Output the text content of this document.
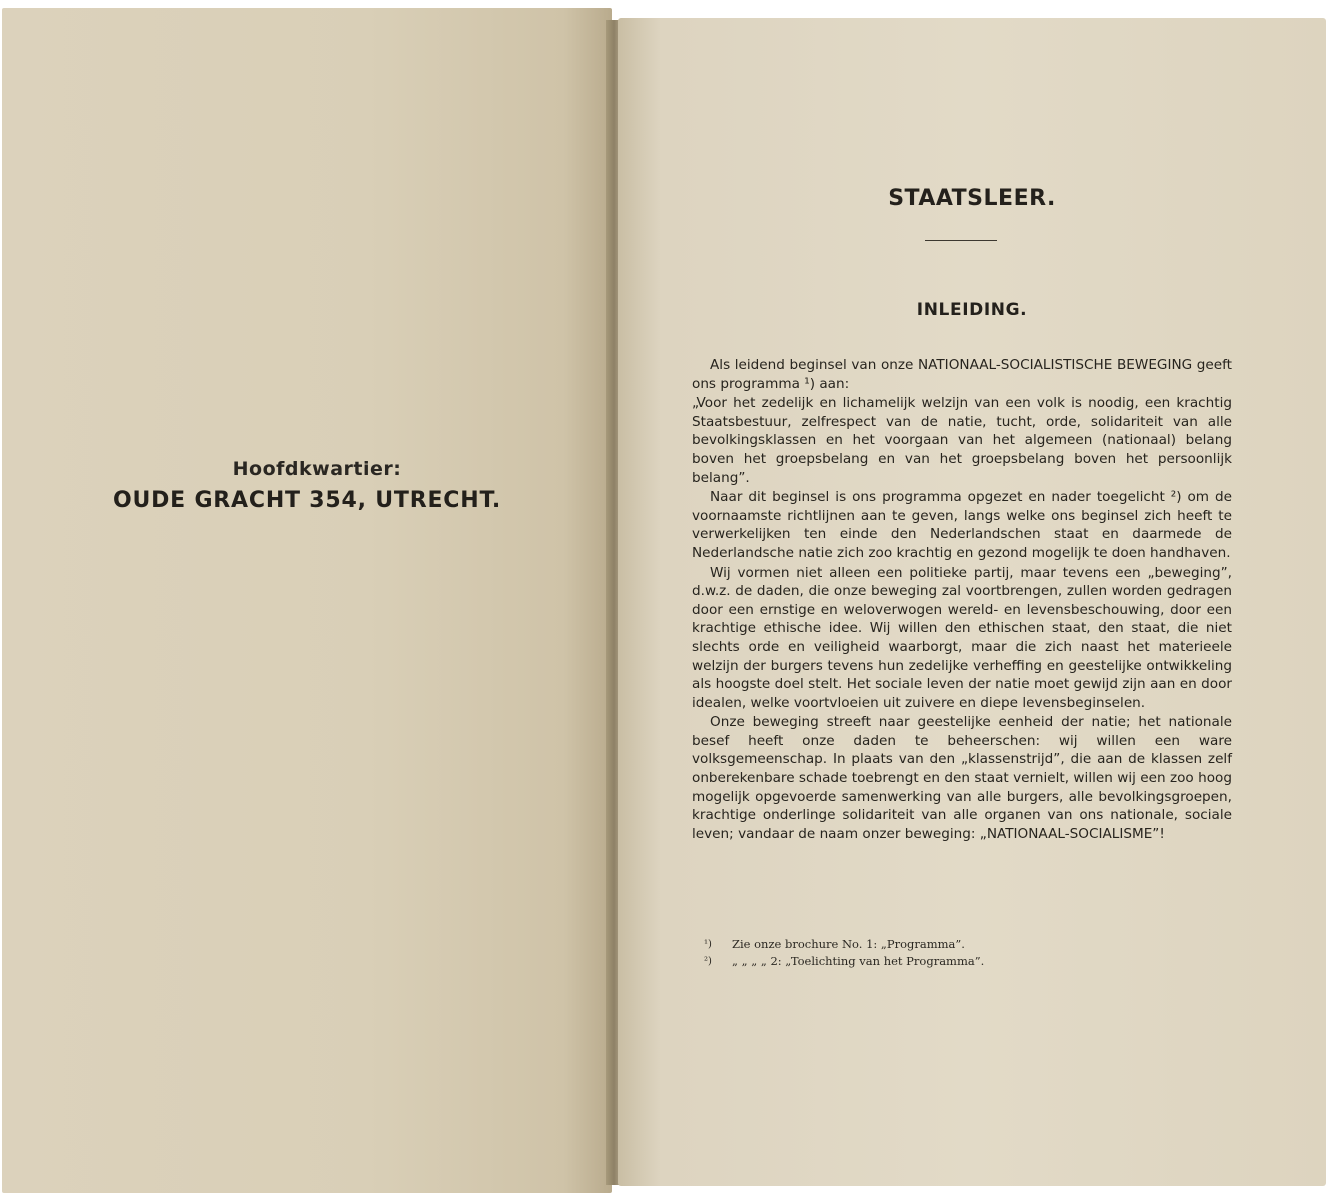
Hoofdkwartier:
OUDE GRACHT 354, UTRECHT.
STAATSLEER.
INLEIDING.

Als leidend beginsel van onze NATIONAAL-SOCIALISTISCHE BEWEGING geeft ons programma ¹) aan:

„Voor het zedelijk en lichamelijk welzijn van een volk is noodig, een krachtig Staatsbestuur, zelfrespect van de natie, tucht, orde, solidariteit van alle bevolkingsklassen en het voorgaan van het algemeen (nationaal) belang boven het groepsbelang en van het groepsbelang boven het persoonlijk belang”.

Naar dit beginsel is ons programma opgezet en nader toegelicht ²) om de voornaamste richtlijnen aan te geven, langs welke ons beginsel zich heeft te verwerkelijken ten einde den Nederlandschen staat en daarmede de Nederlandsche natie zich zoo krachtig en gezond mogelijk te doen handhaven.

Wij vormen niet alleen een politieke partij, maar tevens een „beweging”, d.w.z. de daden, die onze beweging zal voortbrengen, zullen worden gedragen door een ernstige en weloverwogen wereld- en levensbeschouwing, door een krachtige ethische idee. Wij willen den ethischen staat, den staat, die niet slechts orde en veiligheid waarborgt, maar die zich naast het materieele welzijn der burgers tevens hun zedelijke verheffing en geestelijke ontwikkeling als hoogste doel stelt. Het sociale leven der natie moet gewijd zijn aan en door idealen, welke voortvloeien uit zuivere en diepe levensbeginselen.

Onze beweging streeft naar geestelijke eenheid der natie; het nationale besef heeft onze daden te beheerschen: wij willen een ware volksgemeenschap. In plaats van den „klassenstrijd”, die aan de klassen zelf onberekenbare schade toebrengt en den staat vernielt, willen wij een zoo hoog mogelijk opgevoerde samenwerking van alle burgers, alle bevolkingsgroepen, krachtige onderlinge solidariteit van alle organen van ons nationale, sociale leven; vandaar de naam onzer beweging: „NATIONAAL-SOCIALISME”!

¹)	Zie onze brochure No. 1: „Programma”.
²)	„ „ „ „ 2: „Toelichting van het Programma”.
